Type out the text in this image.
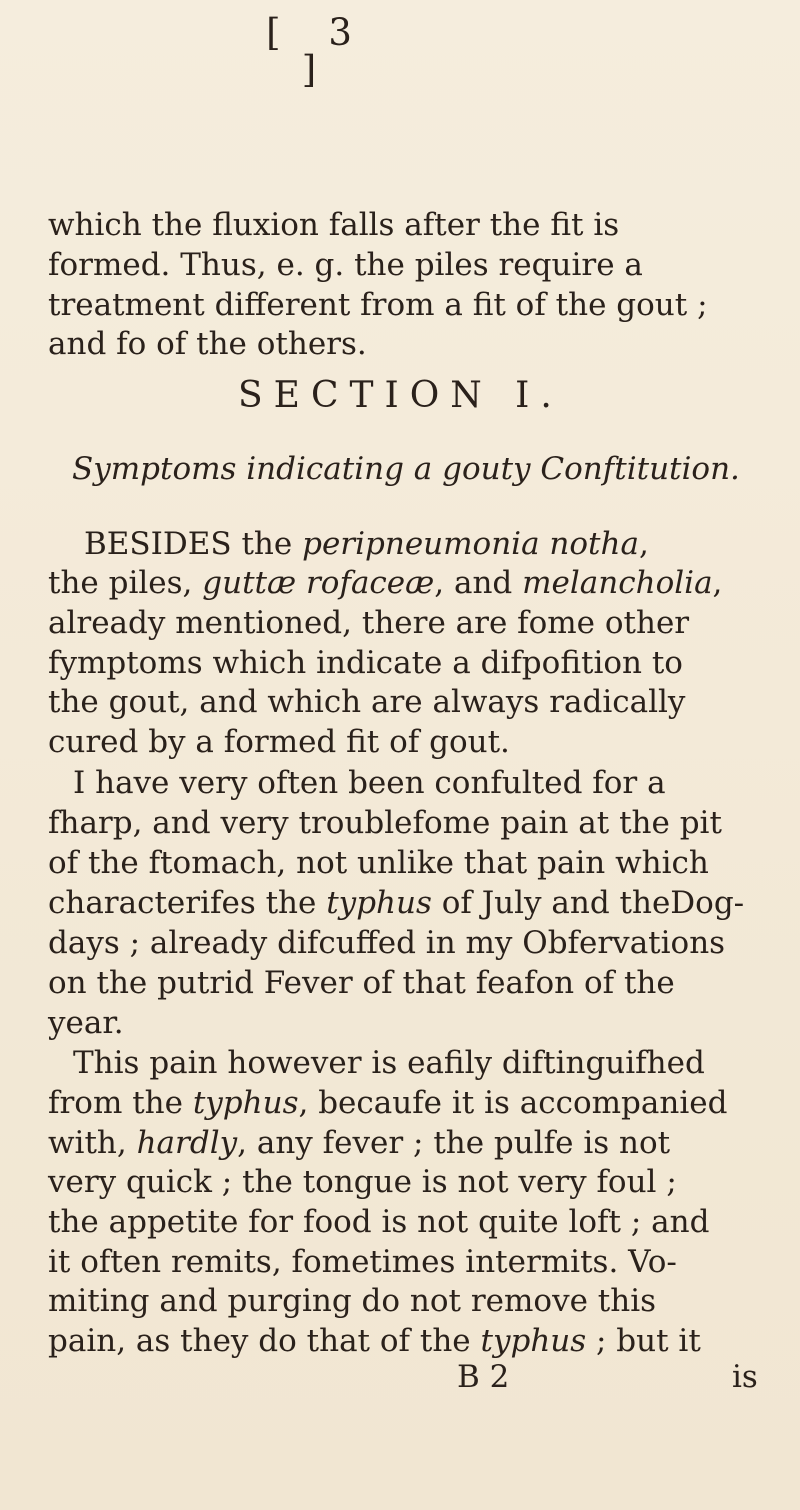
[ 3 ]
which the fluxion falls after the fit is
formed. Thus, e. g. the piles require a
treatment different from a fit of the gout ;
and fo of the others.
SECTION I.
Symptoms indicating a gouty Conftitution.
BESIDES the peripneumonia notha,
the piles, guttæ rofaceæ, and melancholia,
already mentioned, there are fome other
fymptoms which indicate a difpofition to
the gout, and which are always radically
cured by a formed fit of gout.
I have very often been confulted for a
fharp, and very troublefome pain at the pit
of the ftomach, not unlike that pain which
characterifes the typhus of July and theDog-
days ; already difcuffed in my Obfervations
on the putrid Fever of that feafon of the
year.
This pain however is eafily diftinguifhed
from the typhus, becaufe it is accompanied
with, hardly, any fever ; the pulfe is not
very quick ; the tongue is not very foul ;
the appetite for food is not quite loft ; and
it often remits, fometimes intermits. Vo-
miting and purging do not remove this
pain, as they do that of the typhus ; but it
B 2	is
